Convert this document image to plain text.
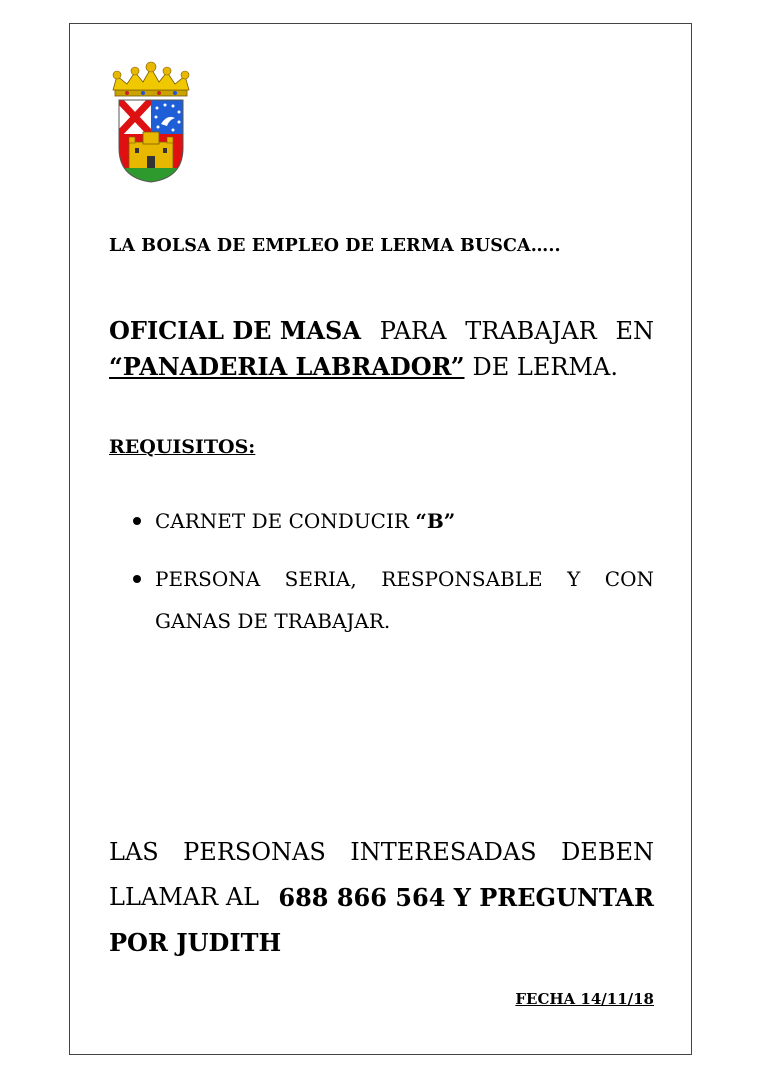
LA BOLSA DE EMPLEO DE LERMA BUSCA…..

OFICIAL DE MASA PARA TRABAJAR EN
“PANADERIA LABRADOR” DE LERMA.

REQUISITOS:

CARNET DE CONDUCIR
“B”
PERSONA SERIA, RESPONSABLE Y CON
GANAS DE TRABAJAR.
LAS PERSONAS INTERESADAS DEBEN
LLAMAR AL 688 866 564 Y PREGUNTAR
POR JUDITH
FECHA 14/11/18
